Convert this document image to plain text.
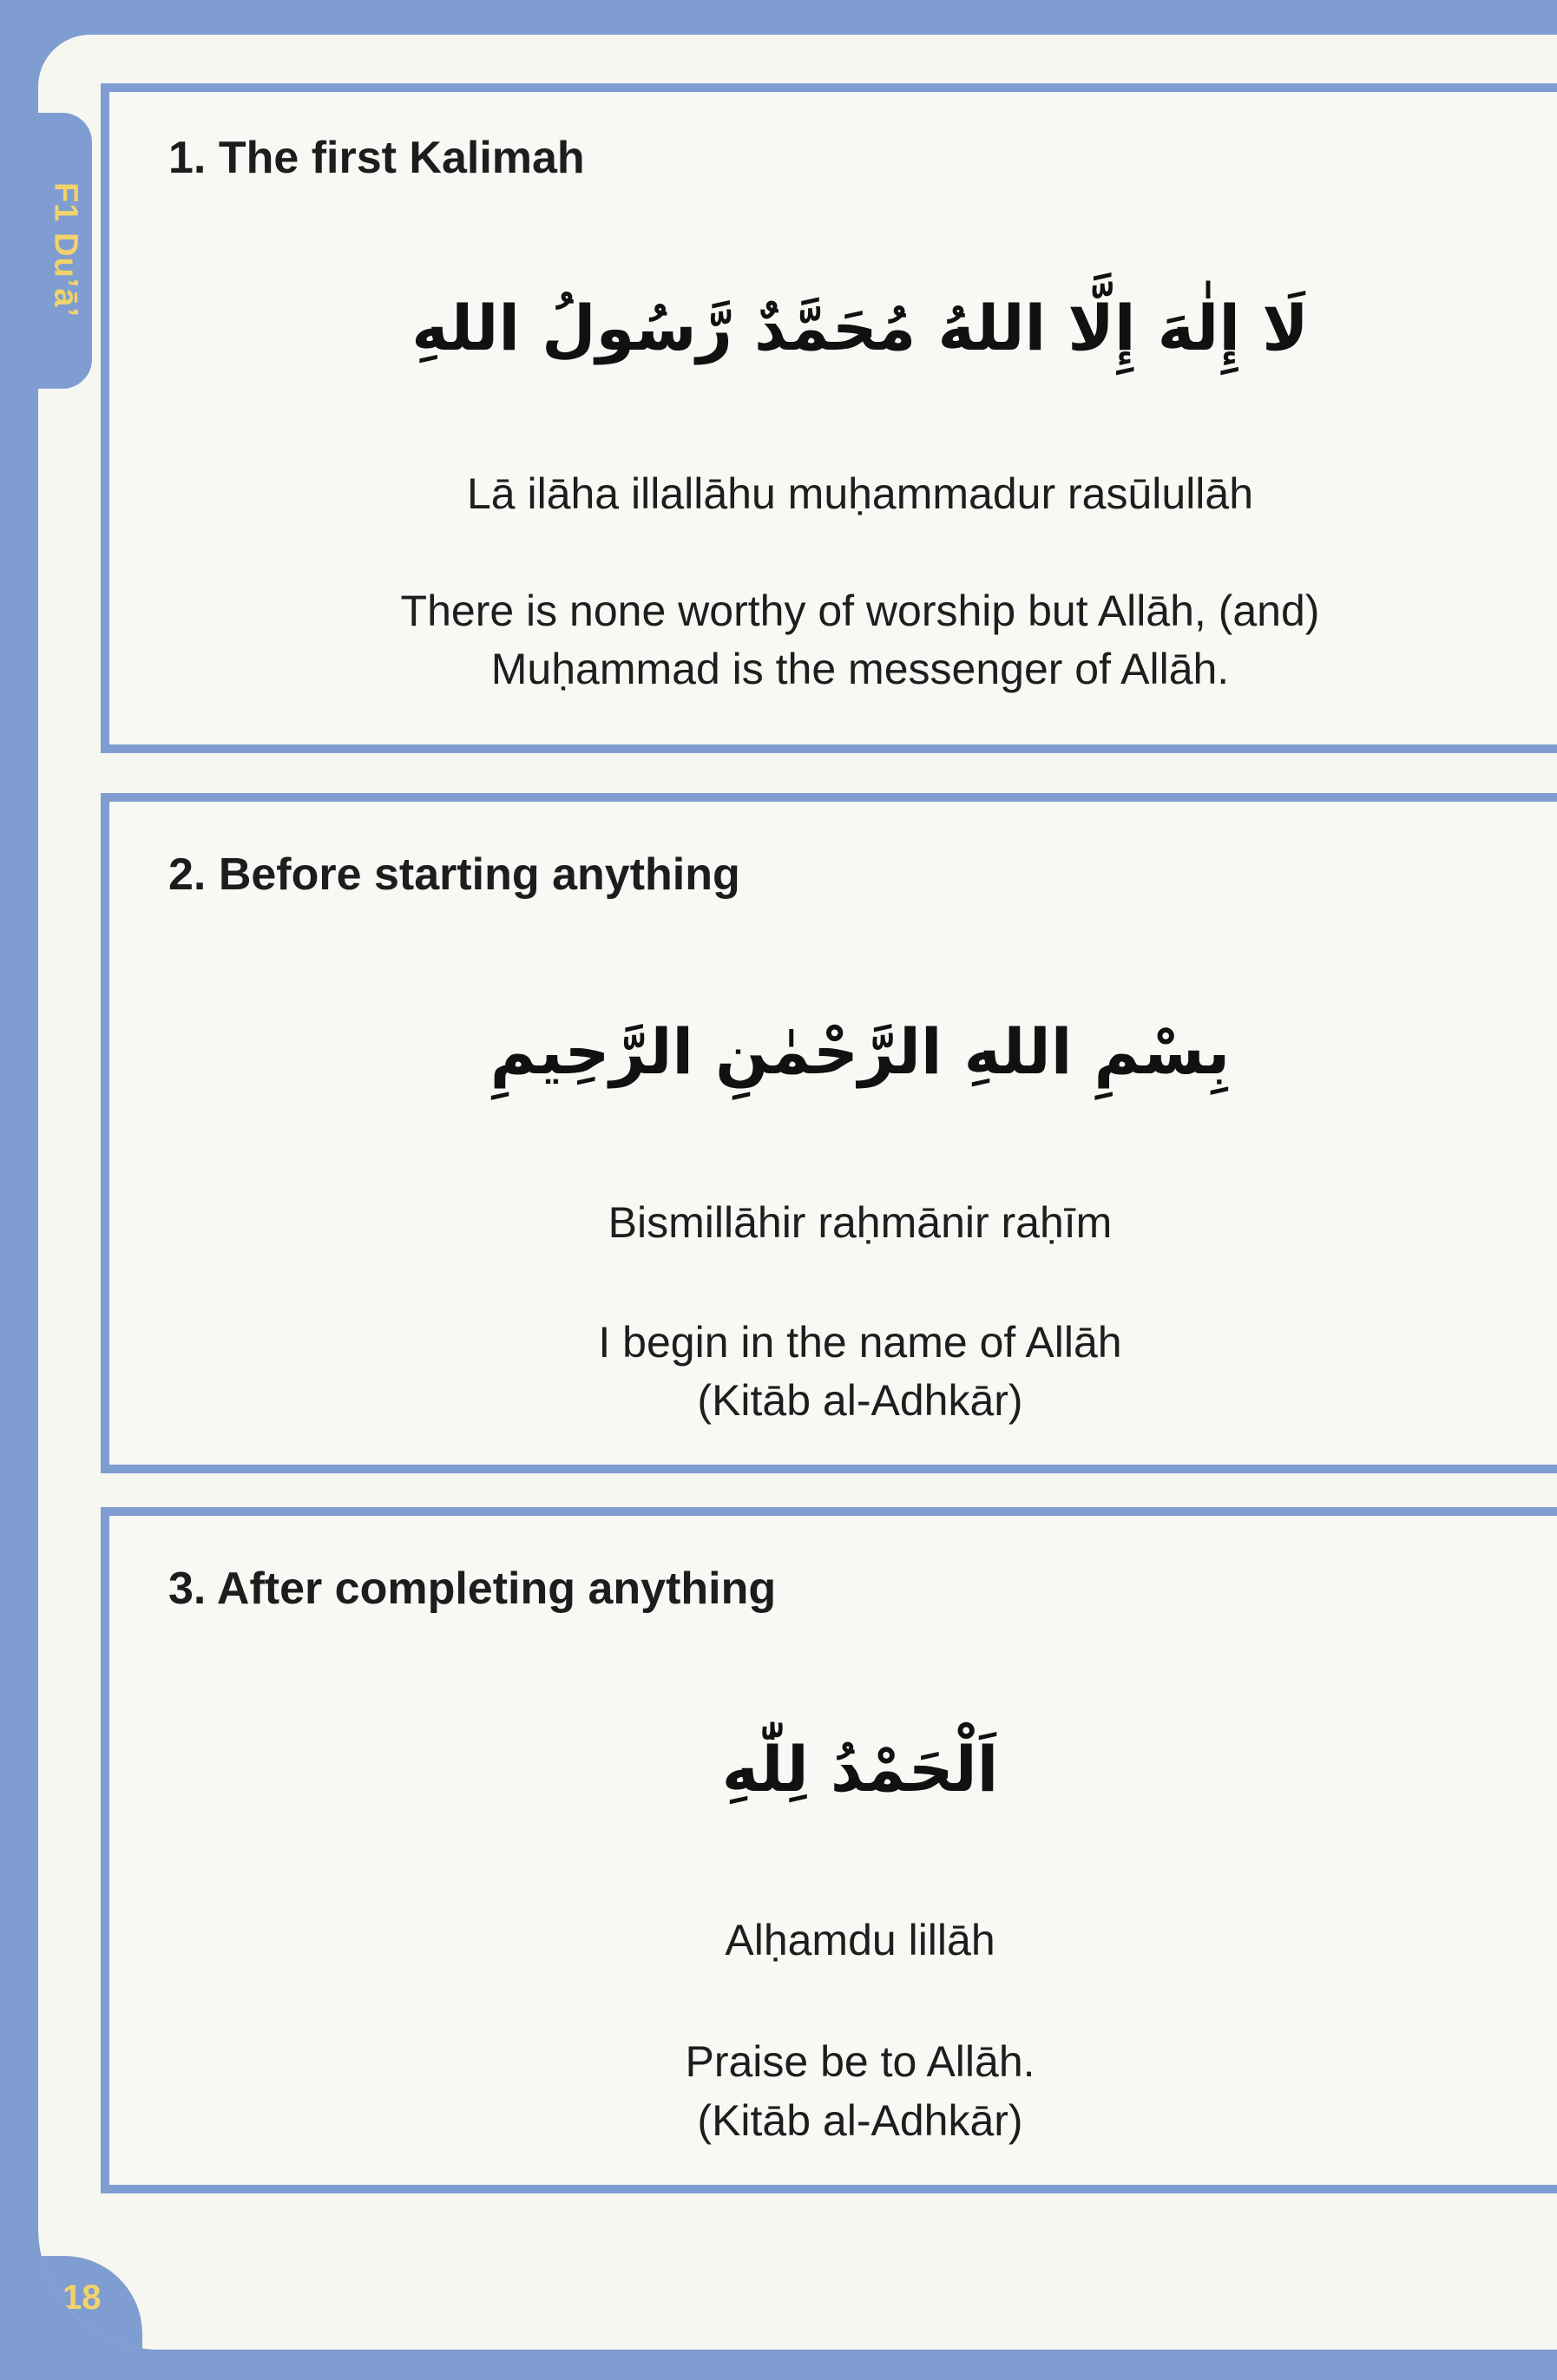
F1 Du’ā’
18
1. The first Kalimah
لَا إِلٰهَ إِلَّا اللهُ مُحَمَّدٌ رَّسُولُ اللهِ
Lā ilāha illallāhu muḥammadur rasūlullāh
There is none worthy of worship but Allāh, (and)
Muḥammad is the messenger of Allāh.
2. Before starting anything
بِسْمِ اللهِ الرَّحْمٰنِ الرَّحِيمِ
Bismillāhir raḥmānir raḥīm
I begin in the name of Allāh
(Kitāb al-Adhkār)
3. After completing anything
اَلْحَمْدُ لِلّٰهِ
Alḥamdu lillāh
Praise be to Allāh.
(Kitāb al-Adhkār)
